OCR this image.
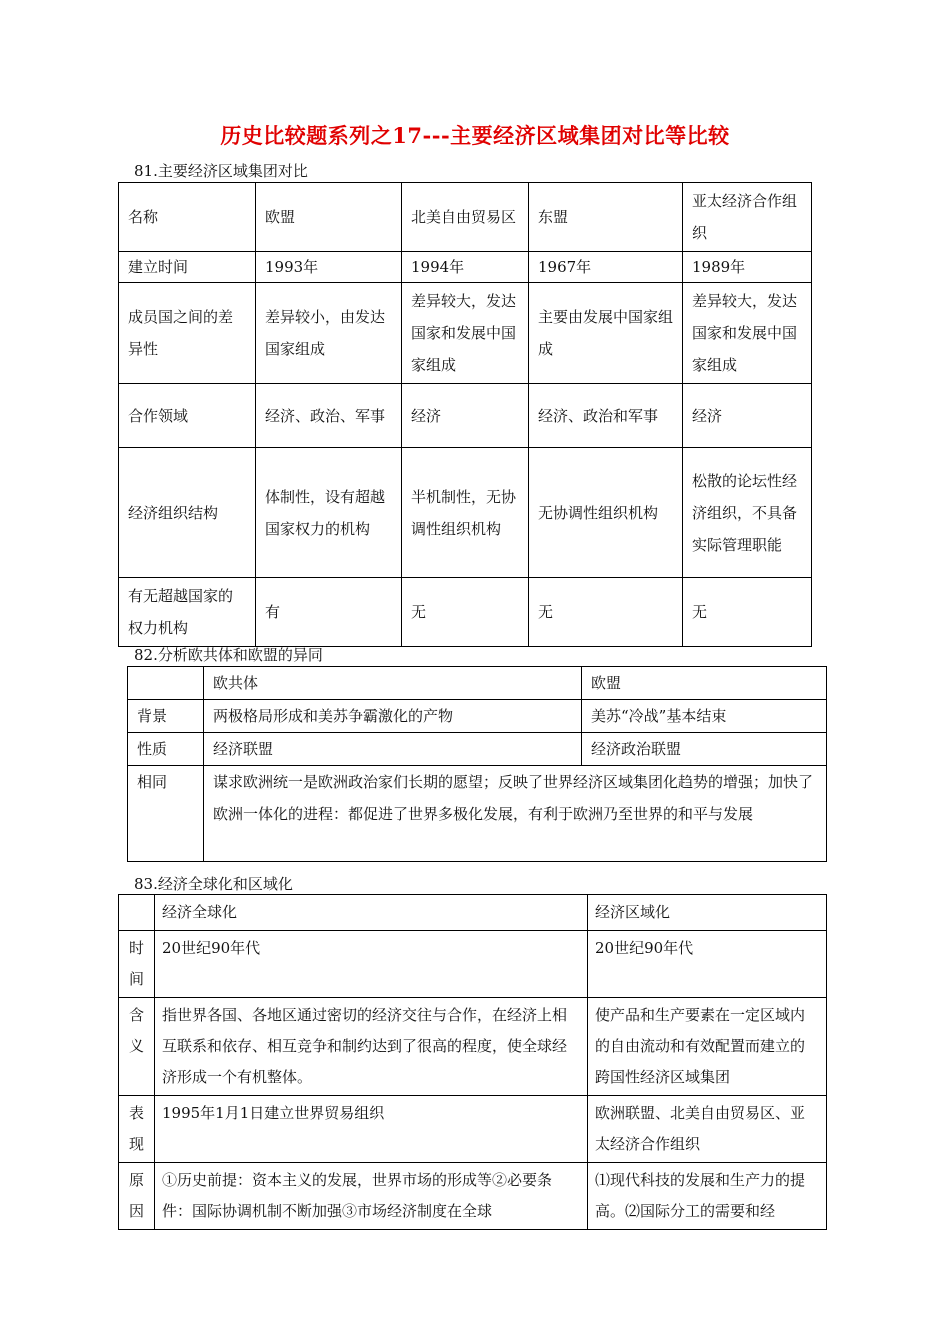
历史比较题系列之17---主要经济区域集团对比等比较
81.主要经济区域集团对比
名称	欧盟	北美自由贸易区	东盟	亚太经济合作组织
建立时间	1993年	1994年	1967年	1989年
成员国之间的差异性	差异较小，由发达国家组成	差异较大，发达国家和发展中国家组成	主要由发展中国家组成	差异较大，发达国家和发展中国家组成
合作领域	经济、政治、军事	经济	经济、政治和军事	经济
经济组织结构	体制性，设有超越国家权力的机构	半机制性，无协调性组织机构	无协调性组织机构	松散的论坛性经济组织，不具备实际管理职能
有无超越国家的权力机构	有	无	无	无
82.分析欧共体和欧盟的异同
	欧共体	欧盟
背景	两极格局形成和美苏争霸激化的产物	美苏“冷战”基本结束
性质	经济联盟	经济政治联盟
相同	谋求欧洲统一是欧洲政治家们长期的愿望；反映了世界经济区域集团化趋势的增强；加快了欧洲一体化的进程：都促进了世界多极化发展，有利于欧洲乃至世界的和平与发展	
83.经济全球化和区域化
	经济全球化	经济区域化
时间	20世纪90年代	20世纪90年代
含义	指世界各国、各地区通过密切的经济交往与合作，在经济上相互联系和依存、相互竞争和制约达到了很高的程度，使全球经济形成一个有机整体。	使产品和生产要素在一定区域内的自由流动和有效配置而建立的跨国性经济区域集团
表现	1995年1月1日建立世界贸易组织	欧洲联盟、北美自由贸易区、亚太经济合作组织
原因	①历史前提：资本主义的发展，世界市场的形成等②必要条件：国际协调机制不断加强③市场经济制度在全球	⑴现代科技的发展和生产力的提高。⑵国际分工的需要和经
